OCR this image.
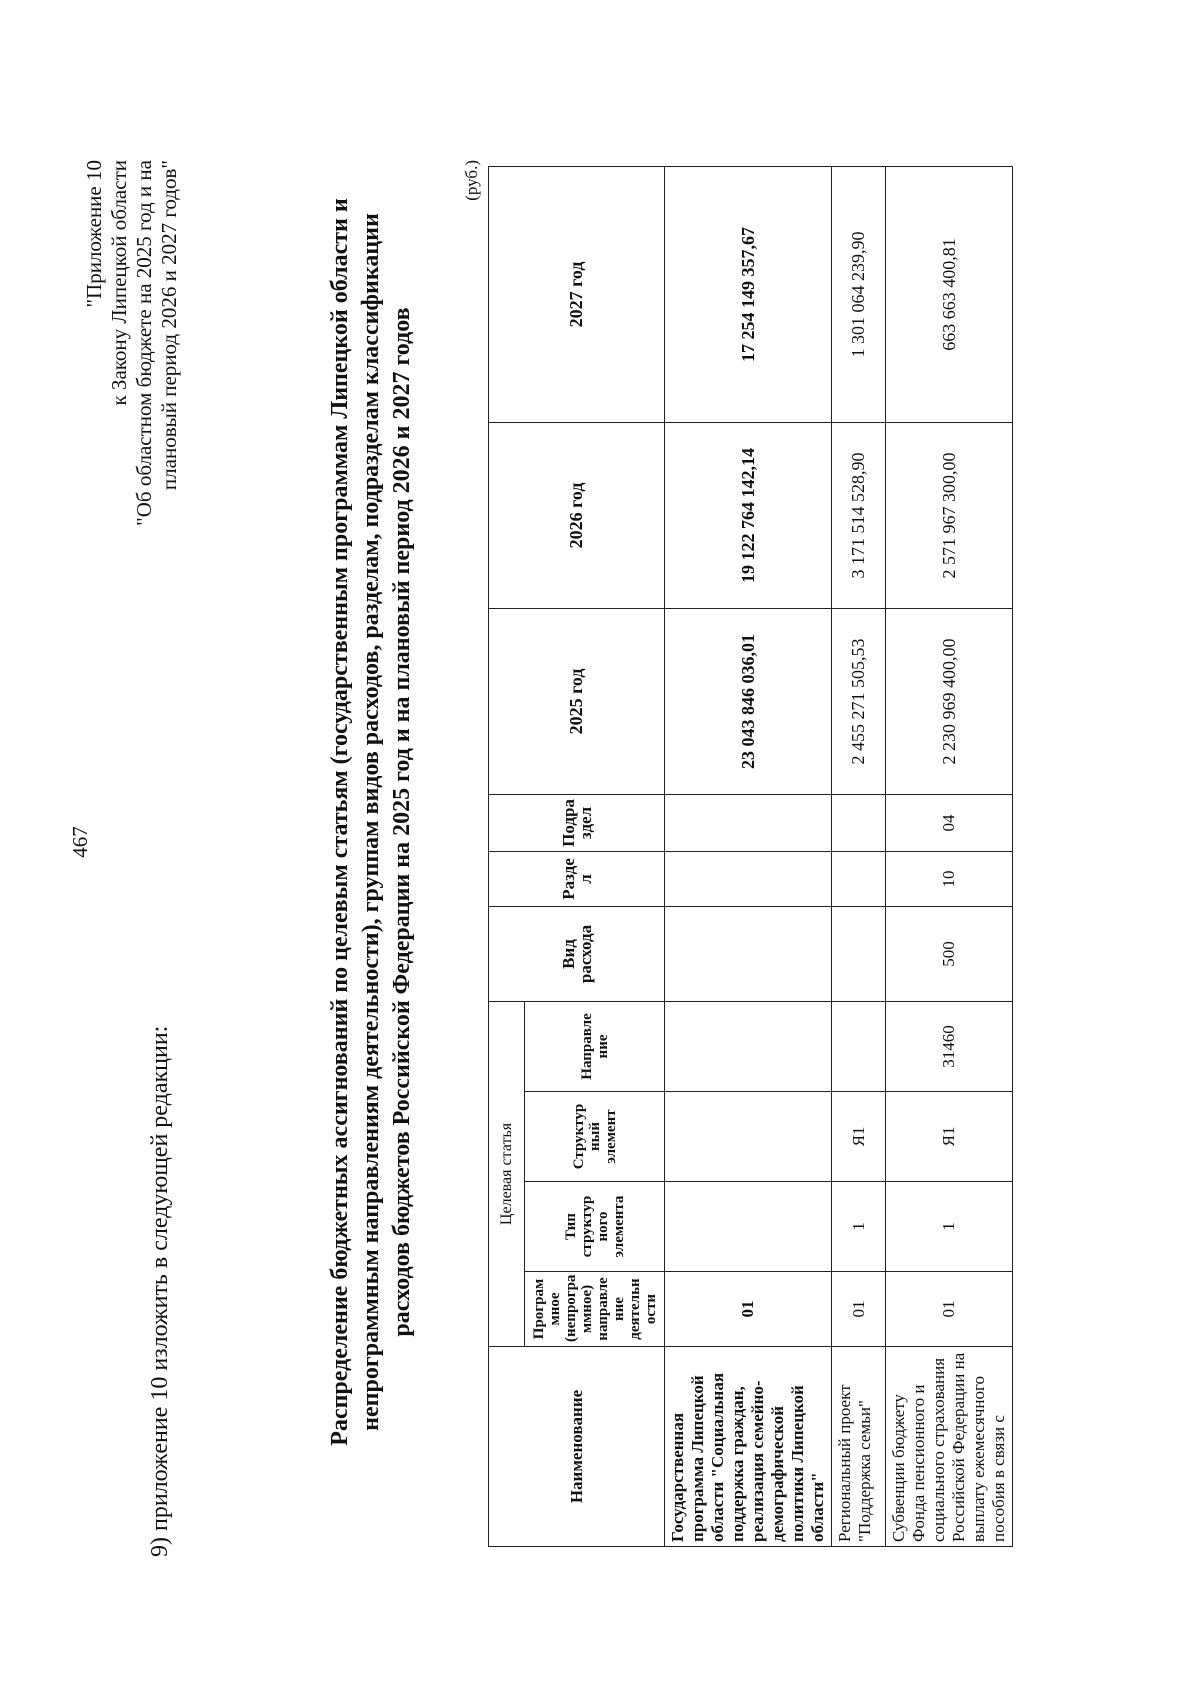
467
9) приложение 10 изложить в следующей редакции:
"Приложение 10 к Закону Липецкой области "Об областном бюджете на 2025 год и на плановый период 2026 и 2027 годов"	Распределение бюджетных ассигнований по целевым статьям (государственным программам Липецкой области и непрограммным направлениям деятельности), группам видов расходов, разделам, подразделам классификации расходов бюджетов Российской Федерации на 2025 год и на плановый период 2026 и 2027 годов
(руб.)
Наименование	Целевая статья				Вид расхода	Разде л	Подра здел	2025 год	2026 год	2027 год
	Програм мное (непрогра ммное) направле ние деятельн ости	Тип структур ного элемента	Структур ный элемент	Направле ние						
Государственная программа Липецкой области "Социальная поддержка граждан, реализация семейно-демографической политики Липецкой области"	01							23 043 846 036,01	19 122 764 142,14	17 254 149 357,67
Региональный проект "Поддержка семьи"	01	1	Я1					2 455 271 505,53	3 171 514 528,90	1 301 064 239,90
Субвенции бюджету Фонда пенсионного и социального страхования Российской Федерации на выплату ежемесячного пособия в связи с	01	1	Я1	31460	500	10	04	2 230 969 400,00	2 571 967 300,00	663 663 400,81
